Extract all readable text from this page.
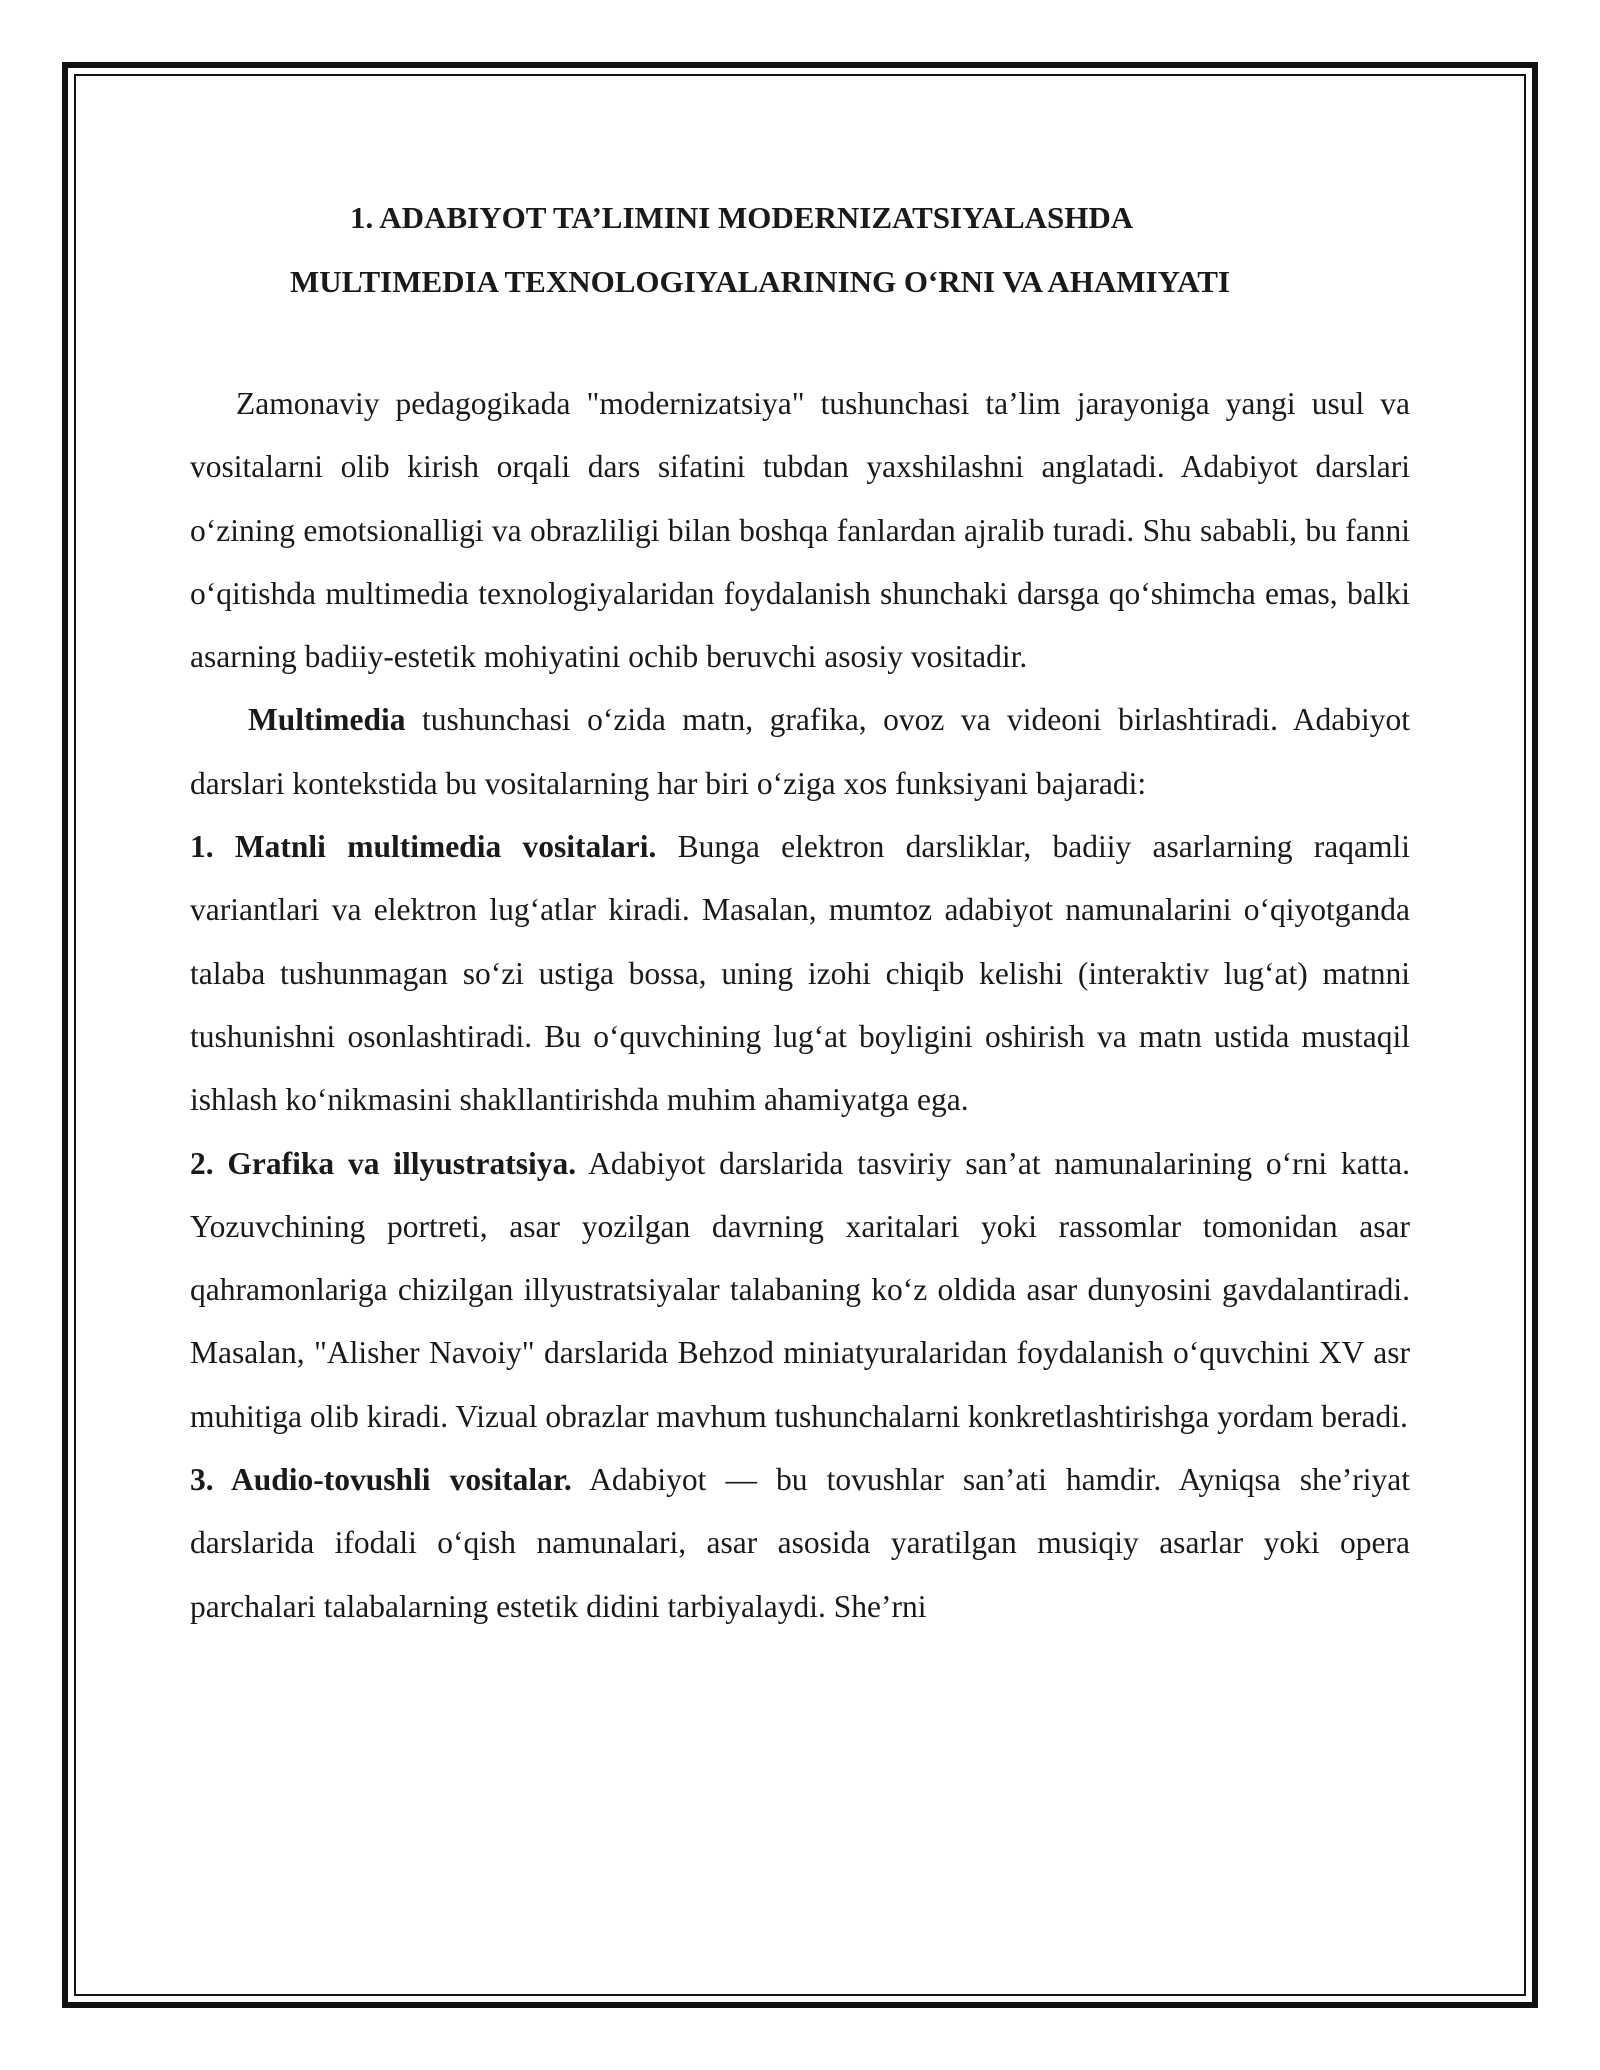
1. ADABIYOT TA’LIMINI MODERNIZATSIYALASHDA
MULTIMEDIA TEXNOLOGIYALARINING O‘RNI VA AHAMIYATI

Zamonaviy pedagogikada "modernizatsiya" tushunchasi ta’lim jarayoniga yangi usul va vositalarni olib kirish orqali dars sifatini tubdan yaxshilashni anglatadi. Adabiyot darslari o‘zining emotsionalligi va obrazliligi bilan boshqa fanlardan ajralib turadi. Shu sababli, bu fanni o‘qitishda multimedia texnologiyalaridan foydalanish shunchaki darsga qo‘shimcha emas, balki asarning badiiy-estetik mohiyatini ochib beruvchi asosiy vositadir.

Multimedia tushunchasi o‘zida matn, grafika, ovoz va videoni birlashtiradi. Adabiyot darslari kontekstida bu vositalarning har biri o‘ziga xos funksiyani bajaradi:

1. Matnli multimedia vositalari. Bunga elektron darsliklar, badiiy asarlarning raqamli variantlari va elektron lug‘atlar kiradi. Masalan, mumtoz adabiyot namunalarini o‘qiyotganda talaba tushunmagan so‘zi ustiga bossa, uning izohi chiqib kelishi (interaktiv lug‘at) matnni tushunishni osonlashtiradi. Bu o‘quvchining lug‘at boyligini oshirish va matn ustida mustaqil ishlash ko‘nikmasini shakllantirishda muhim ahamiyatga ega.

2. Grafika va illyustratsiya. Adabiyot darslarida tasviriy san’at namunalarining o‘rni katta. Yozuvchining portreti, asar yozilgan davrning xaritalari yoki rassomlar tomonidan asar qahramonlariga chizilgan illyustratsiyalar talabaning ko‘z oldida asar dunyosini gavdalantiradi. Masalan, "Alisher Navoiy" darslarida Behzod miniatyuralaridan foydalanish o‘quvchini XV asr muhitiga olib kiradi. Vizual obrazlar mavhum tushunchalarni konkretlashtirishga yordam beradi.

3. Audio-tovushli vositalar. Adabiyot — bu tovushlar san’ati hamdir. Ayniqsa she’riyat darslarida ifodali o‘qish namunalari, asar asosida yaratilgan musiqiy asarlar yoki opera parchalari talabalarning estetik didini tarbiyalaydi. She’rni
